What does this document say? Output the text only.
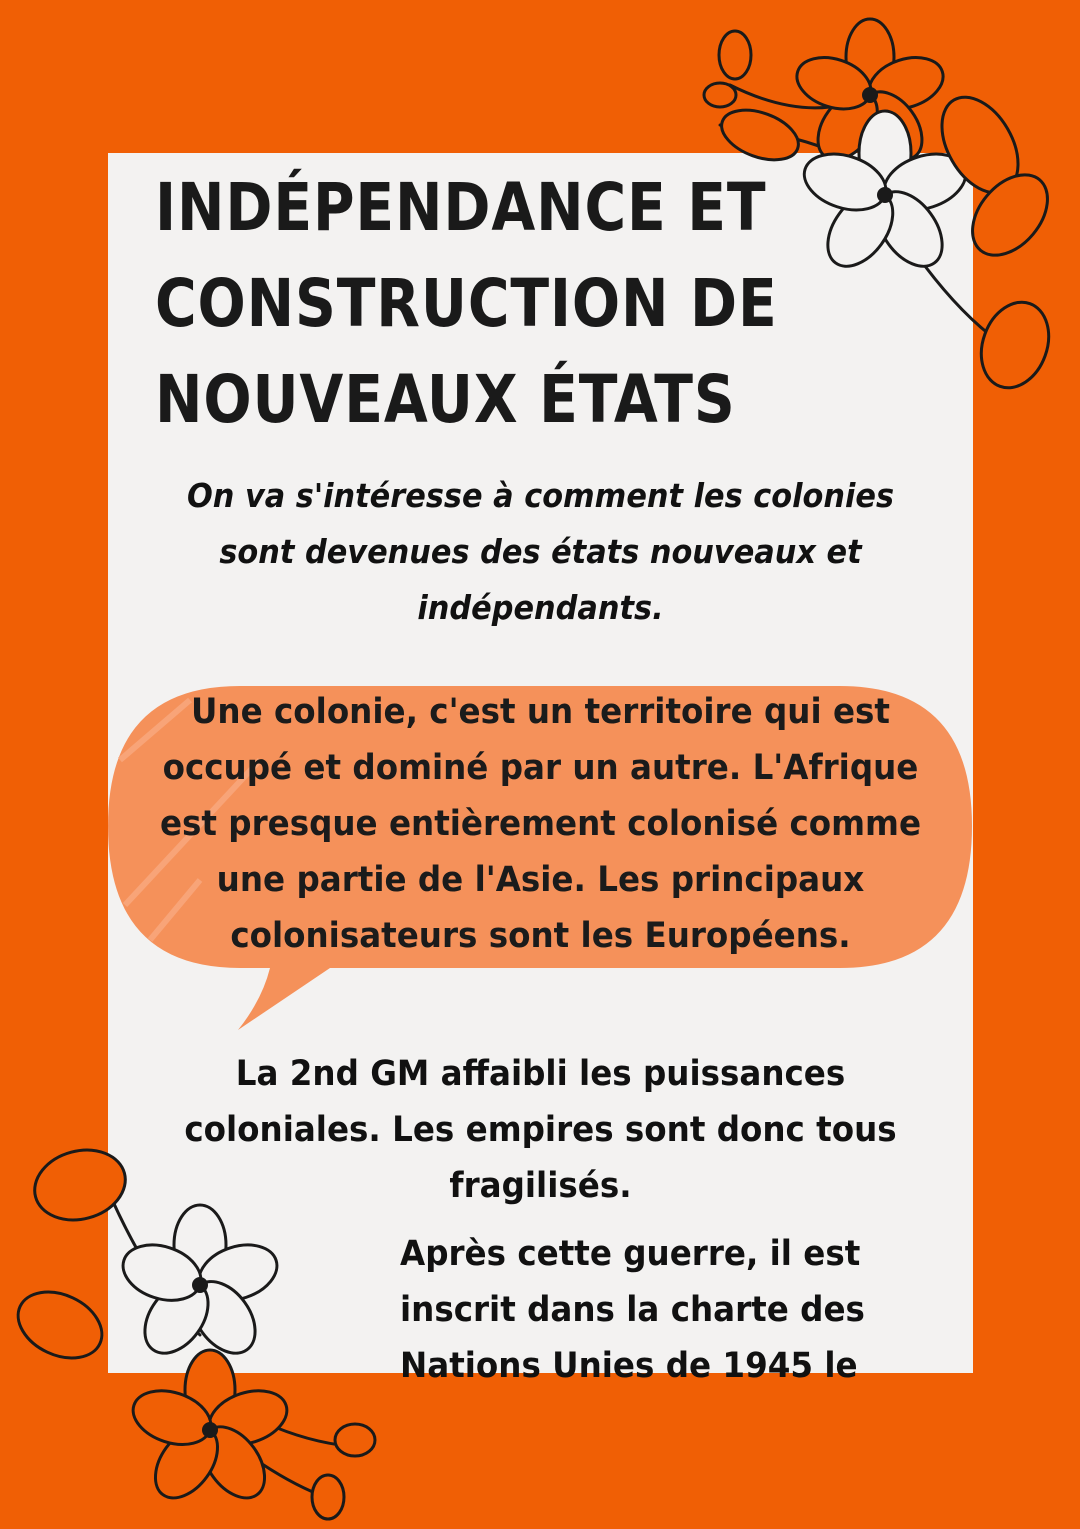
INDÉPENDANCE ET
CONSTRUCTION DE
NOUVEAUX ÉTATS

On va s'intéresse à comment les colonies
sont devenues des états nouveaux et
indépendants.

Une colonie, c'est un territoire qui est
occupé et dominé par un autre. L'Afrique
est presque entièrement colonisé comme
une partie de l'Asie. Les principaux
colonisateurs sont les Européens.

La 2nd GM affaibli les puissances
coloniales. Les empires sont donc tous
fragilisés.

Après cette guerre, il est
inscrit dans la charte des
Nations Unies de 1945 le
